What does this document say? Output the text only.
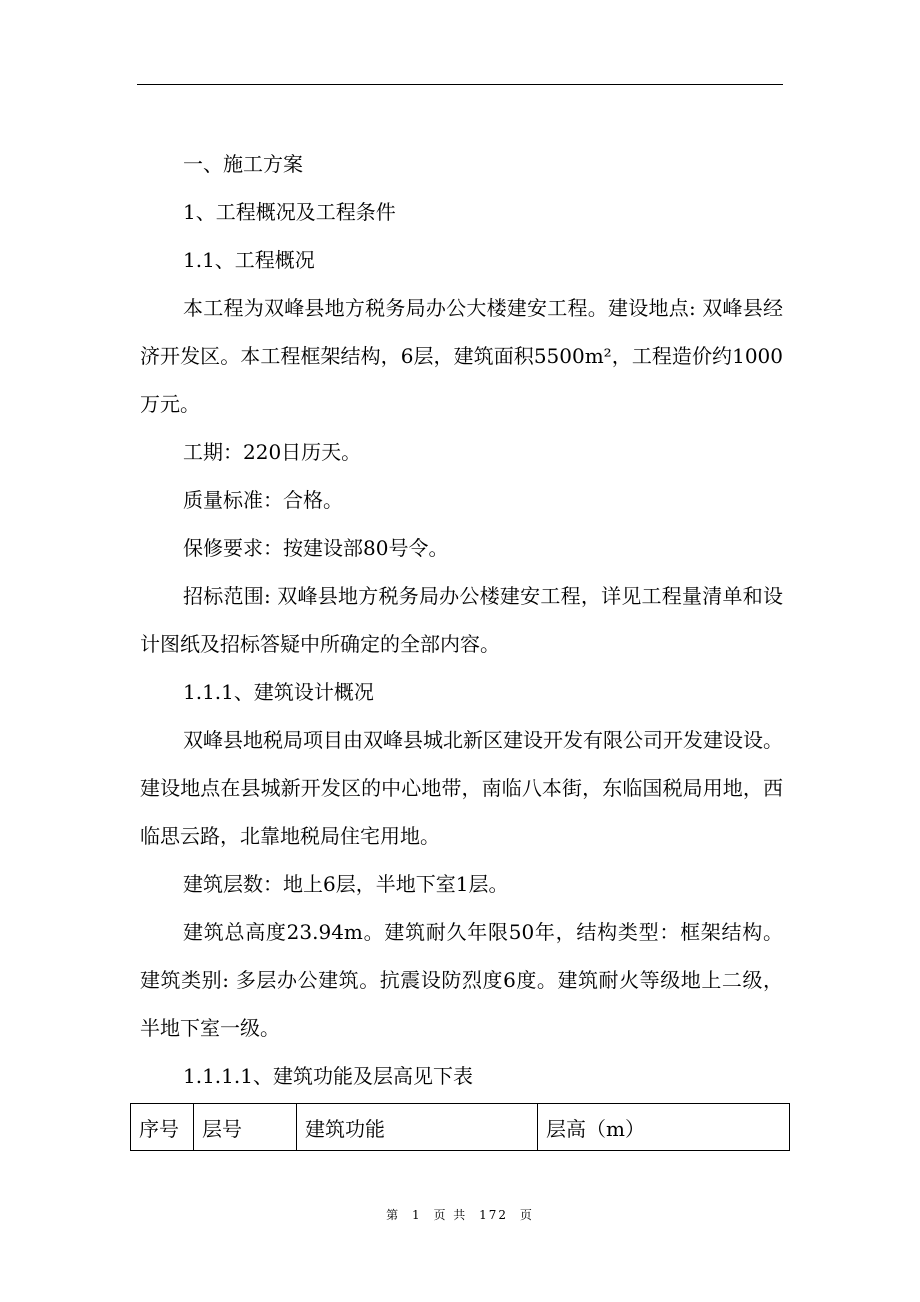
一、施工方案

1、工程概况及工程条件

1.1、工程概况

本工程为双峰县地方税务局办公大楼建安工程。建设地点: 双峰县经济开发区。本工程框架结构，6层，建筑面积5500m²，工程造价约1000万元。

工期：220日历天。

质量标准：合格。

保修要求：按建设部80号令。

招标范围: 双峰县地方税务局办公楼建安工程，详见工程量清单和设计图纸及招标答疑中所确定的全部内容。

1.1.1、建筑设计概况

双峰县地税局项目由双峰县城北新区建设开发有限公司开发建设设。建设地点在县城新开发区的中心地带，南临八本街，东临国税局用地，西临思云路，北靠地税局住宅用地。

建筑层数：地上6层，半地下室1层。

建筑总高度23.94m。建筑耐久年限50年，结构类型：框架结构。建筑类别: 多层办公建筑。抗震设防烈度6度。建筑耐火等级地上二级，半地下室一级。

1.1.1.1、建筑功能及层高见下表

序号	层号	建筑功能	层高（m）
第 1 页 共 172 页
